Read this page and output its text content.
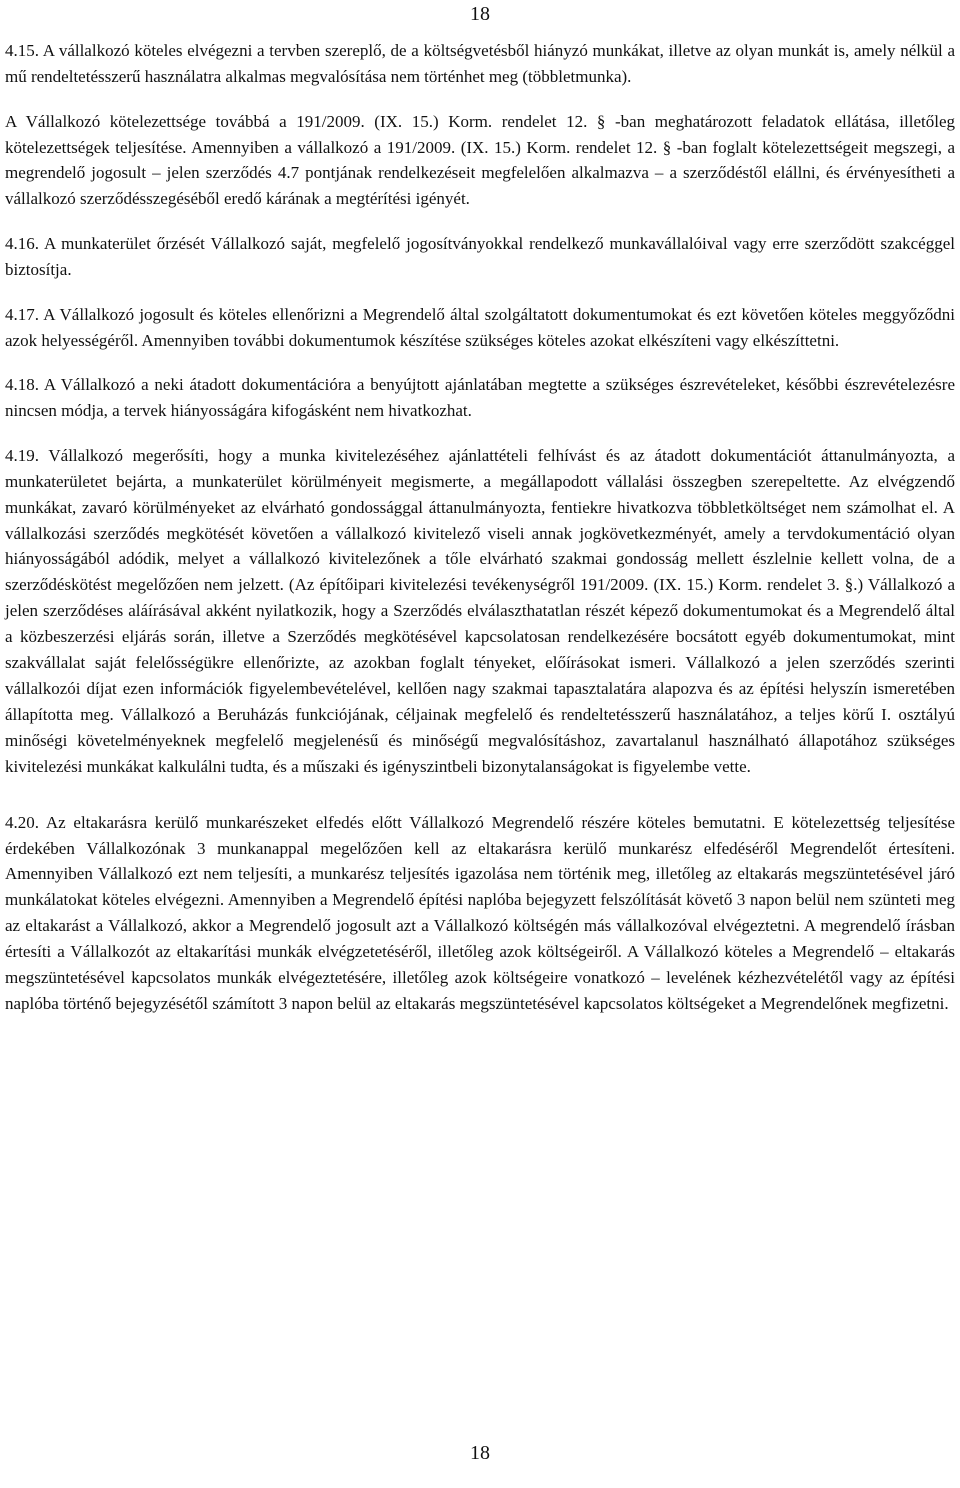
18

4.15. A vállalkozó köteles elvégezni a tervben szereplő, de a költségvetésből hiányzó munkákat, illetve az olyan munkát is, amely nélkül a mű rendeltetésszerű használatra alkalmas megvalósítása nem történhet meg (többletmunka).

A Vállalkozó kötelezettsége továbbá a 191/2009. (IX. 15.) Korm. rendelet 12. § -ban meghatározott feladatok ellátása, illetőleg kötelezettségek teljesítése. Amennyiben a vállalkozó a 191/2009. (IX. 15.) Korm. rendelet 12. § -ban foglalt kötelezettségeit megszegi, a megrendelő jogosult – jelen szerződés 4.7 pontjának rendelkezéseit megfelelően alkalmazva – a szerződéstől elállni, és érvényesítheti a vállalkozó szerződésszegéséből eredő kárának a megtérítési igényét.

4.16. A munkaterület őrzését Vállalkozó saját, megfelelő jogosítványokkal rendelkező munkavállalóival vagy erre szerződött szakcéggel biztosítja.

4.17. A Vállalkozó jogosult és köteles ellenőrizni a Megrendelő által szolgáltatott dokumentumokat és ezt követően köteles meggyőződni azok helyességéről. Amennyiben további dokumentumok készítése szükséges köteles azokat elkészíteni vagy elkészíttetni.

4.18. A Vállalkozó a neki átadott dokumentációra a benyújtott ajánlatában megtette a szükséges észrevételeket, későbbi észrevételezésre nincsen módja, a tervek hiányosságára kifogásként nem hivatkozhat.

4.19. Vállalkozó megerősíti, hogy a munka kivitelezéséhez ajánlattételi felhívást és az átadott dokumentációt áttanulmányozta, a munkaterületet bejárta, a munkaterület körülményeit megismerte, a megállapodott vállalási összegben szerepeltette. Az elvégzendő munkákat, zavaró körülményeket az elvárható gondossággal áttanulmányozta, fentiekre hivatkozva többletköltséget nem számolhat el. A vállalkozási szerződés megkötését követően a vállalkozó kivitelező viseli annak jogkövetkezményét, amely a tervdokumentáció olyan hiányosságából adódik, melyet a vállalkozó kivitelezőnek a tőle elvárható szakmai gondosság mellett észlelnie kellett volna, de a szerződéskötést megelőzően nem jelzett. (Az építőipari kivitelezési tevékenységről 191/2009. (IX. 15.) Korm. rendelet 3. §.) Vállalkozó a jelen szerződéses aláírásával akként nyilatkozik, hogy a Szerződés elválaszthatatlan részét képező dokumentumokat és a Megrendelő által a közbeszerzési eljárás során, illetve a Szerződés megkötésével kapcsolatosan rendelkezésére bocsátott egyéb dokumentumokat, mint szakvállalat saját felelősségükre ellenőrizte, az azokban foglalt tényeket, előírásokat ismeri. Vállalkozó a jelen szerződés szerinti vállalkozói díjat ezen információk figyelembevételével, kellően nagy szakmai tapasztalatára alapozva és az építési helyszín ismeretében állapította meg. Vállalkozó a Beruházás funkciójának, céljainak megfelelő és rendeltetésszerű használatához, a teljes körű I. osztályú minőségi követelményeknek megfelelő megjelenésű és minőségű megvalósításhoz, zavartalanul használható állapotához szükséges kivitelezési munkákat kalkulálni tudta, és a műszaki és igényszintbeli bizonytalanságokat is figyelembe vette.

4.20. Az eltakarásra kerülő munkarészeket elfedés előtt Vállalkozó Megrendelő részére köteles bemutatni. E kötelezettség teljesítése érdekében Vállalkozónak 3 munkanappal megelőzően kell az eltakarásra kerülő munkarész elfedéséről Megrendelőt értesíteni. Amennyiben Vállalkozó ezt nem teljesíti, a munkarész teljesítés igazolása nem történik meg, illetőleg az eltakarás megszüntetésével járó munkálatokat köteles elvégezni. Amennyiben a Megrendelő építési naplóba bejegyzett felszólítását követő 3 napon belül nem szünteti meg az eltakarást a Vállalkozó, akkor a Megrendelő jogosult azt a Vállalkozó költségén más vállalkozóval elvégeztetni. A megrendelő írásban értesíti a Vállalkozót az eltakarítási munkák elvégzetetéséről, illetőleg azok költségeiről. A Vállalkozó köteles a Megrendelő – eltakarás megszüntetésével kapcsolatos munkák elvégeztetésére, illetőleg azok költségeire vonatkozó – levelének kézhezvételétől vagy az építési naplóba történő bejegyzésétől számított 3 napon belül az eltakarás megszüntetésével kapcsolatos költségeket a Megrendelőnek megfizetni.

18
